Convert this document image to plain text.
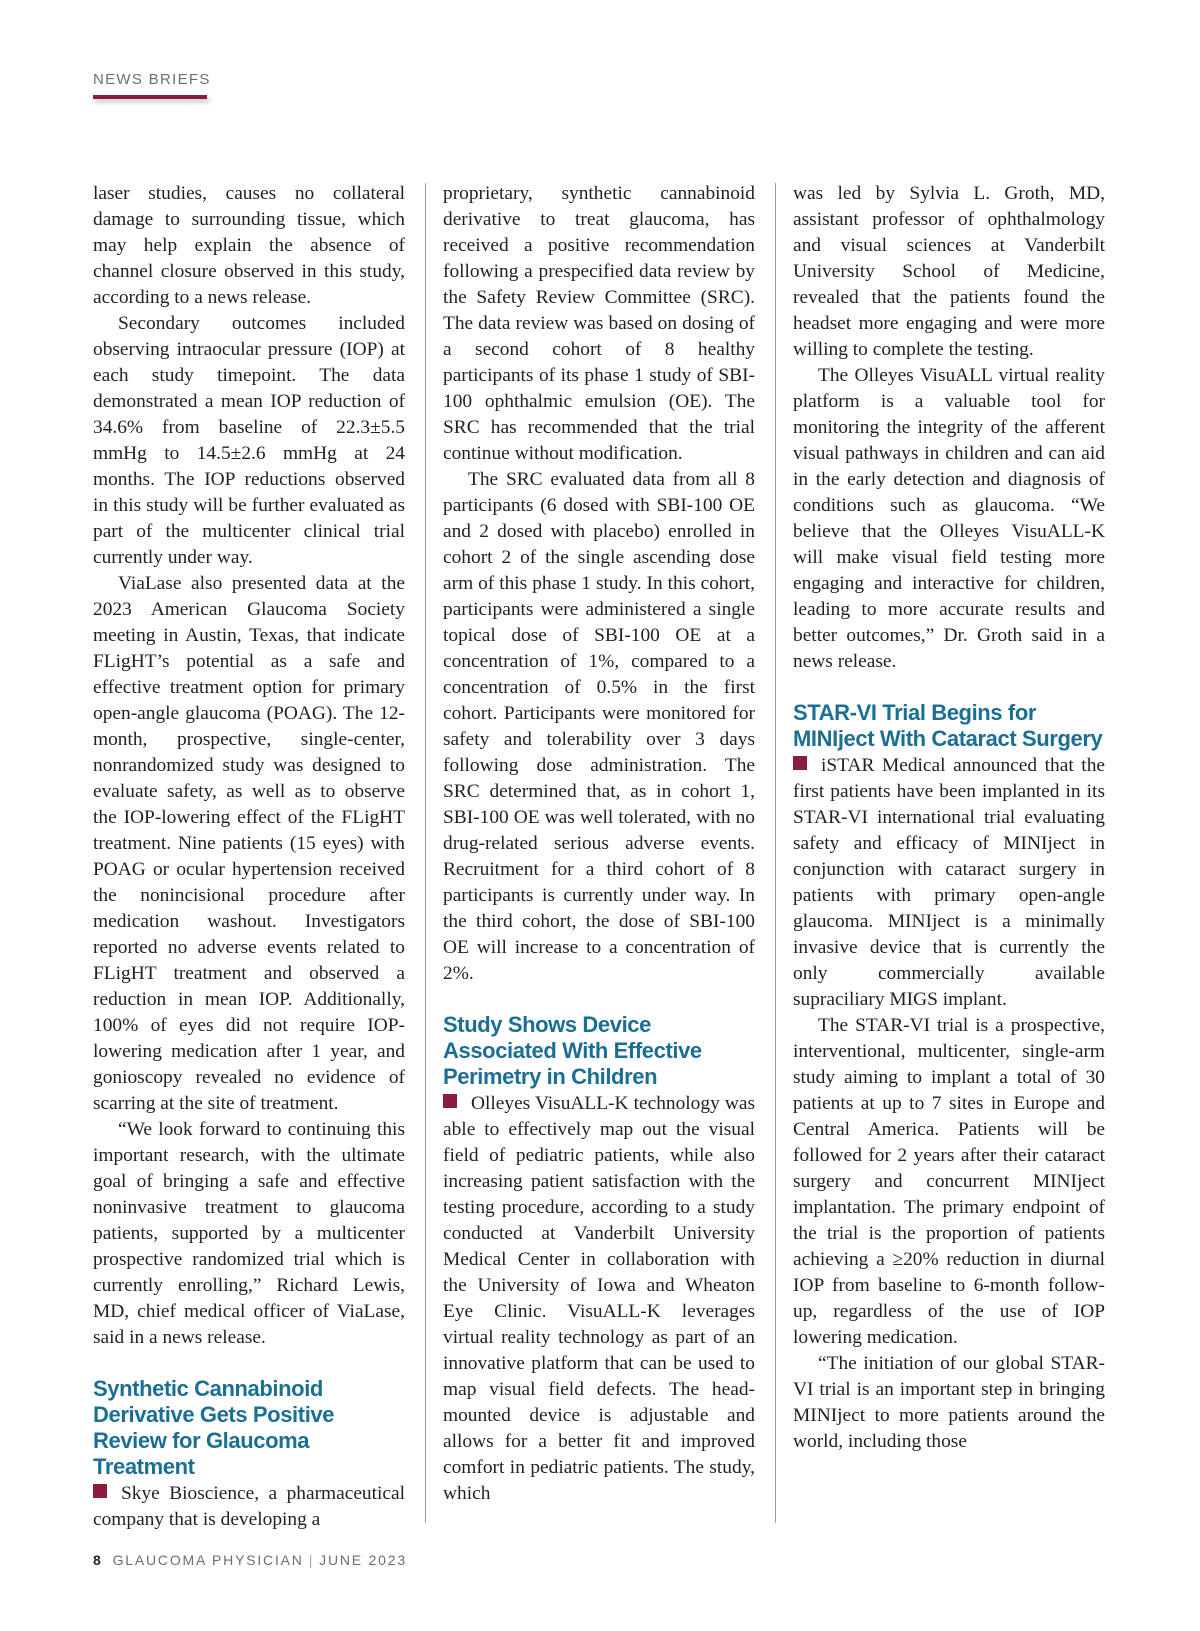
NEWS BRIEFS

laser studies, causes no collateral damage to surrounding tissue, which may help explain the absence of channel closure observed in this study, according to a news release.

Secondary outcomes included observing intraocular pressure (IOP) at each study timepoint. The data demonstrated a mean IOP reduction of 34.6% from baseline of 22.3±5.5 mmHg to 14.5±2.6 mmHg at 24 months. The IOP reductions observed in this study will be further evaluated as part of the multicenter clinical trial currently under way.

ViaLase also presented data at the 2023 American Glaucoma Society meeting in Austin, Texas, that indicate FLigHT’s potential as a safe and effective treatment option for primary open-angle glaucoma (POAG). The 12-month, prospective, single-center, nonrandomized study was designed to evaluate safety, as well as to observe the IOP-lowering effect of the FLigHT treatment. Nine patients (15 eyes) with POAG or ocular hypertension received the nonincisional procedure after medication washout. Investigators reported no adverse events related to FLigHT treatment and observed a reduction in mean IOP. Additionally, 100% of eyes did not require IOP-lowering medication after 1 year, and gonioscopy revealed no evidence of scarring at the site of treatment.

“We look forward to continuing this important research, with the ultimate goal of bringing a safe and effective noninvasive treatment to glaucoma patients, supported by a multicenter prospective randomized trial which is currently enrolling,” Richard Lewis, MD, chief medical officer of ViaLase, said in a news release.

Synthetic Cannabinoid Derivative Gets Positive Review for Glaucoma Treatment

Skye Bioscience, a pharmaceutical company that is developing a

proprietary, synthetic cannabinoid derivative to treat glaucoma, has received a positive recommendation following a prespecified data review by the Safety Review Committee (SRC). The data review was based on dosing of a second cohort of 8 healthy participants of its phase 1 study of SBI-100 ophthalmic emulsion (OE). The SRC has recommended that the trial continue without modification.

The SRC evaluated data from all 8 participants (6 dosed with SBI-100 OE and 2 dosed with placebo) enrolled in cohort 2 of the single ascending dose arm of this phase 1 study. In this cohort, participants were administered a single topical dose of SBI-100 OE at a concentration of 1%, compared to a concentration of 0.5% in the first cohort. Participants were monitored for safety and tolerability over 3 days following dose administration. The SRC determined that, as in cohort 1, SBI-100 OE was well tolerated, with no drug-related serious adverse events. Recruitment for a third cohort of 8 participants is currently under way. In the third cohort, the dose of SBI-100 OE will increase to a concentration of 2%.

Study Shows Device Associated With Effective Perimetry in Children

Olleyes VisuALL-K technology was able to effectively map out the visual field of pediatric patients, while also increasing patient satisfaction with the testing procedure, according to a study conducted at Vanderbilt University Medical Center in collaboration with the University of Iowa and Wheaton Eye Clinic. VisuALL-K leverages virtual reality technology as part of an innovative platform that can be used to map visual field defects. The head-mounted device is adjustable and allows for a better fit and improved comfort in pediatric patients. The study, which

was led by Sylvia L. Groth, MD, assistant professor of ophthalmology and visual sciences at Vanderbilt University School of Medicine, revealed that the patients found the headset more engaging and were more willing to complete the testing.

The Olleyes VisuALL virtual reality platform is a valuable tool for monitoring the integrity of the afferent visual pathways in children and can aid in the early detection and diagnosis of conditions such as glaucoma. “We believe that the Olleyes VisuALL-K will make visual field testing more engaging and interactive for children, leading to more accurate results and better outcomes,” Dr. Groth said in a news release.

STAR-VI Trial Begins for MINIject With Cataract Surgery

iSTAR Medical announced that the first patients have been implanted in its STAR-VI international trial evaluating safety and efficacy of MINIject in conjunction with cataract surgery in patients with primary open-angle glaucoma. MINIject is a minimally invasive device that is currently the only commercially available supraciliary MIGS implant.

The STAR-VI trial is a prospective, interventional, multicenter, single-arm study aiming to implant a total of 30 patients at up to 7 sites in Europe and Central America. Patients will be followed for 2 years after their cataract surgery and concurrent MINIject implantation. The primary endpoint of the trial is the proportion of patients achieving a ≥20% reduction in diurnal IOP from baseline to 6-month follow-up, regardless of the use of IOP lowering medication.

“The initiation of our global STAR-VI trial is an important step in bringing MINIject to more patients around the world, including those

8 GLAUCOMA PHYSICIAN | JUNE 2023
